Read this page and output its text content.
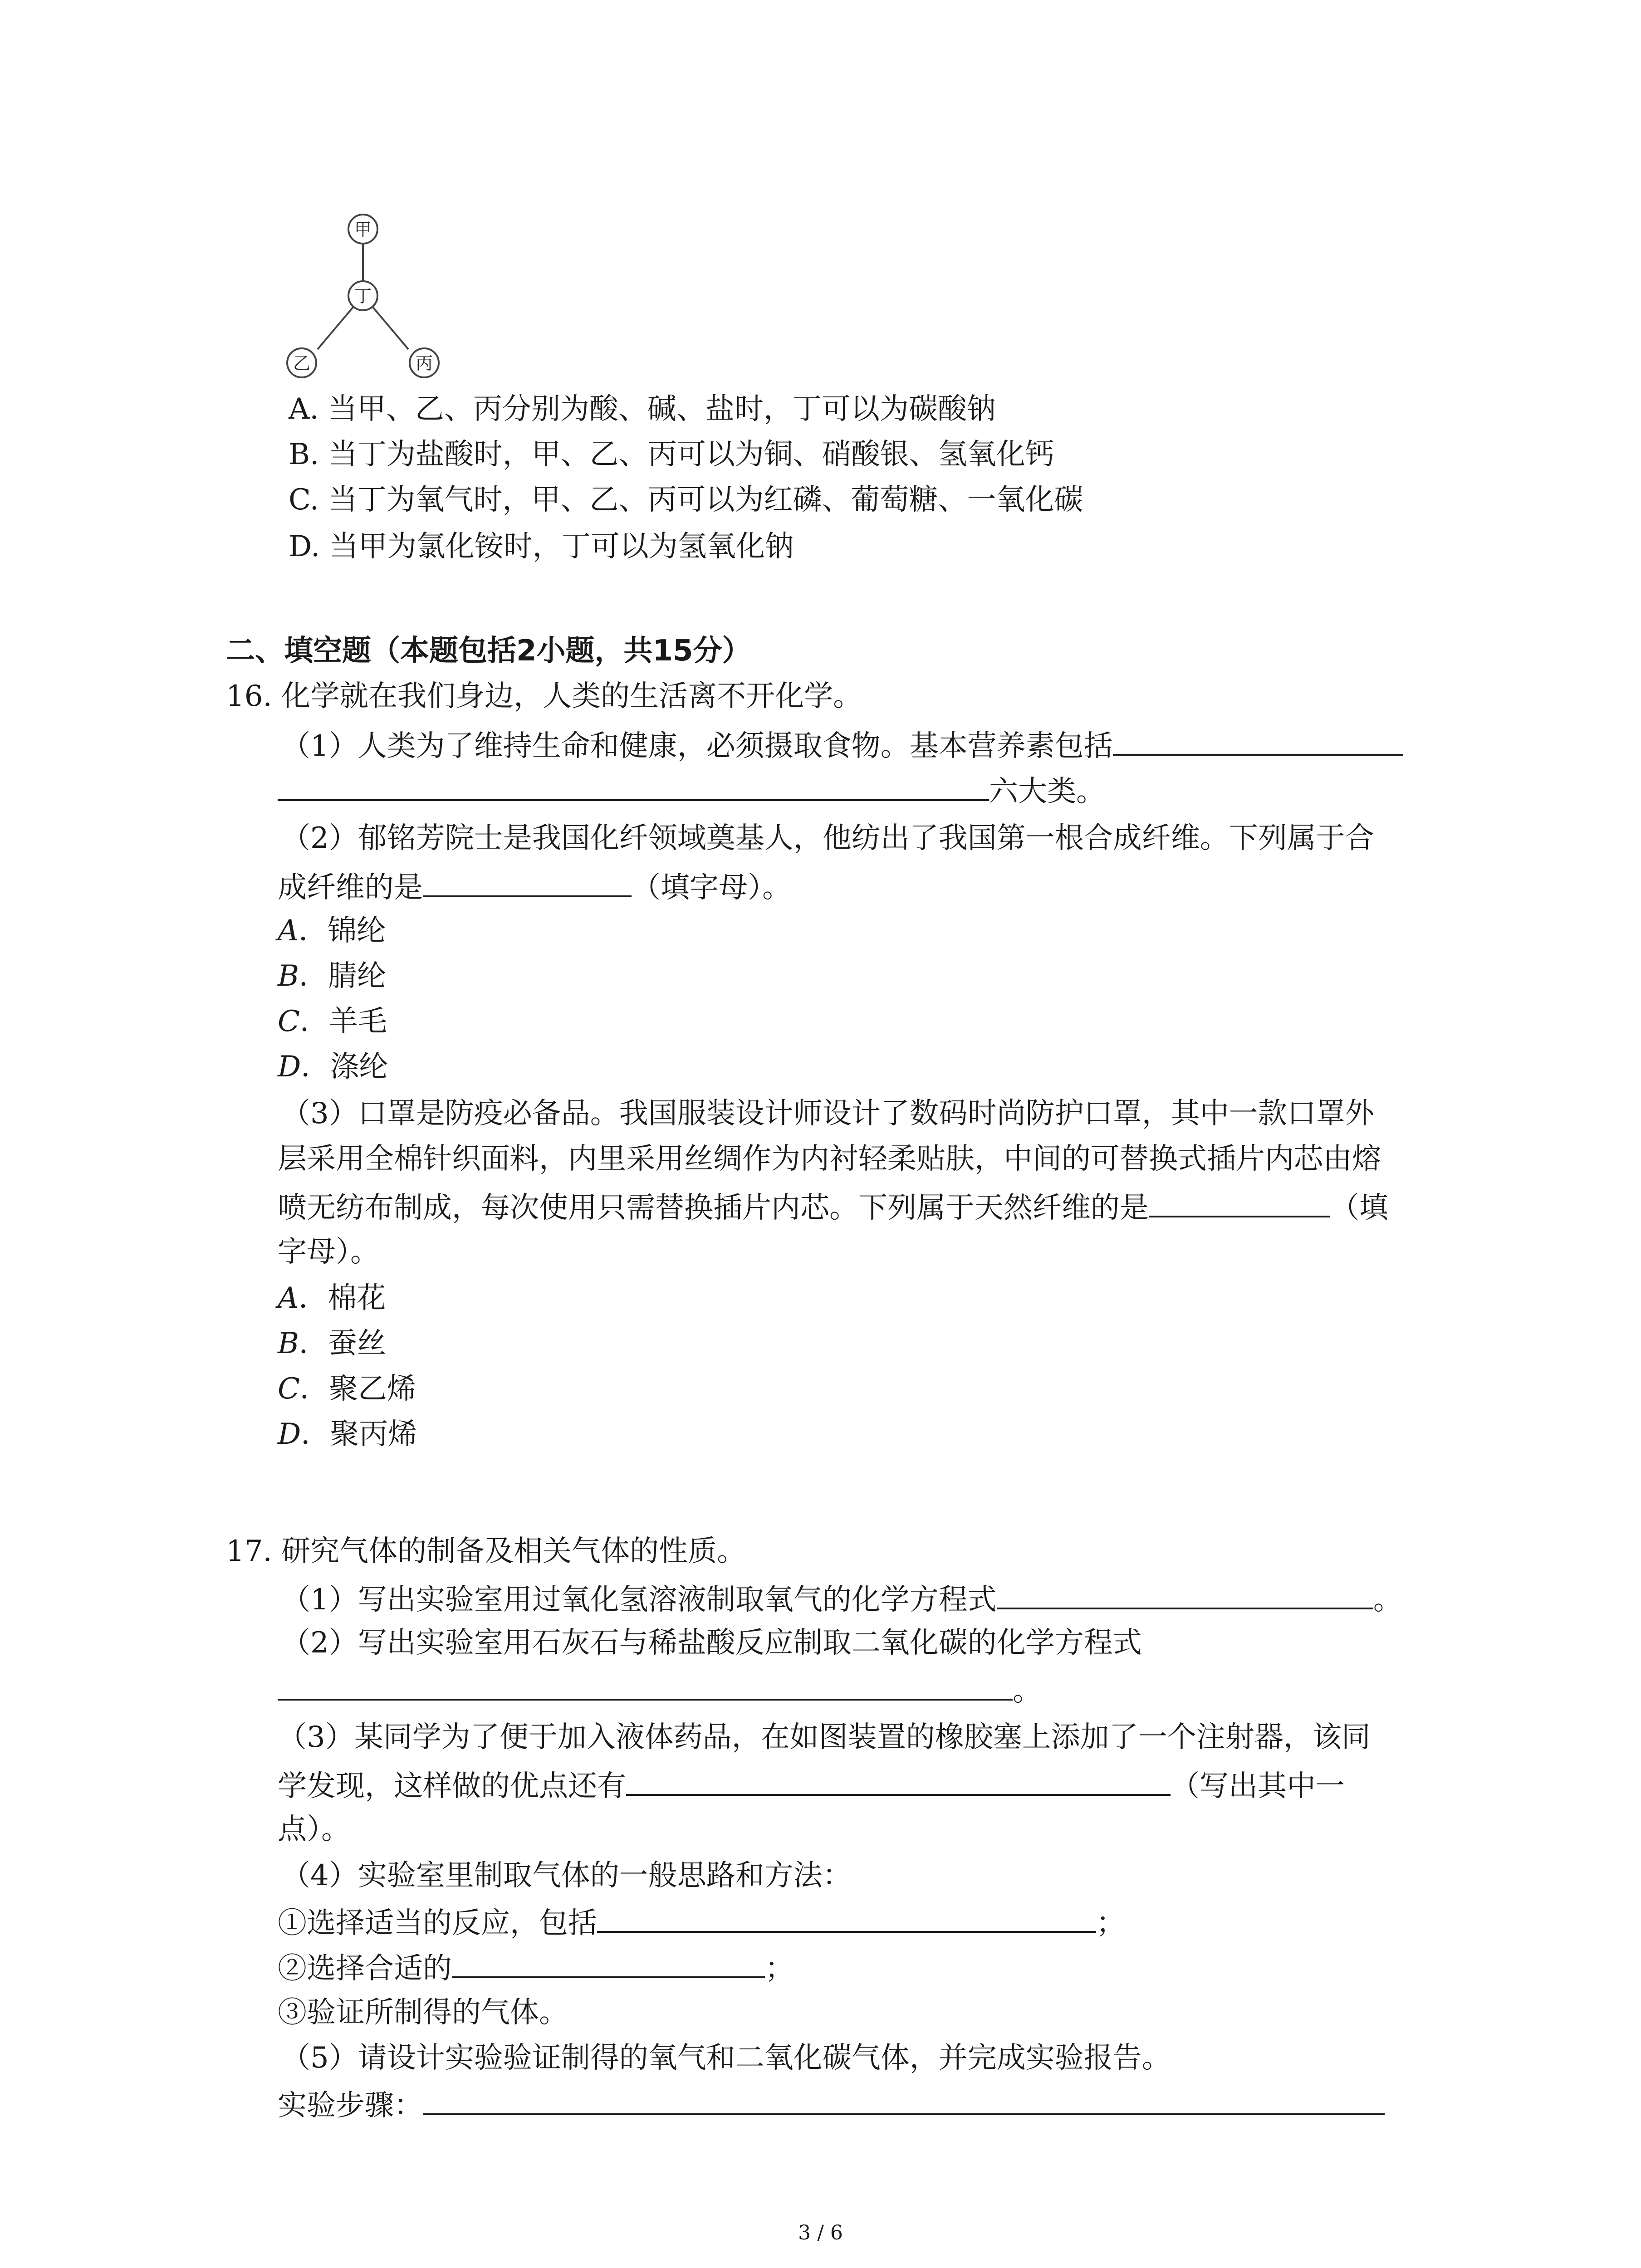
甲
丁
乙	丙
A. 当甲、乙、丙分别为酸、碱、盐时，丁可以为碳酸钠
B. 当丁为盐酸时，甲、乙、丙可以为铜、硝酸银、氢氧化钙
C. 当丁为氧气时，甲、乙、丙可以为红磷、葡萄糖、一氧化碳
D. 当甲为氯化铵时，丁可以为氢氧化钠
二、填空题（本题包括2小题，共15分）
16. 化学就在我们身边，人类的生活离不开化学。
（1）人类为了维持生命和健康，必须摄取食物。基本营养素包括
六大类。
（2）郁铭芳院士是我国化纤领域奠基人，他纺出了我国第一根合成纤维。下列属于合
成纤维的是	（填字母）。
A．锦纶
B．腈纶
C．羊毛
D．涤纶
（3）口罩是防疫必备品。我国服装设计师设计了数码时尚防护口罩，其中一款口罩外
层采用全棉针织面料，内里采用丝绸作为内衬轻柔贴肤，中间的可替换式插片内芯由熔
喷无纺布制成，每次使用只需替换插片内芯。下列属于天然纤维的是	（填
字母）。
A．棉花
B．蚕丝
C．聚乙烯
D．聚丙烯
17. 研究气体的制备及相关气体的性质。
（1）写出实验室用过氧化氢溶液制取氧气的化学方程式	。
（2）写出实验室用石灰石与稀盐酸反应制取二氧化碳的化学方程式
。
（3）某同学为了便于加入液体药品，在如图装置的橡胶塞上添加了一个注射器，该同
学发现，这样做的优点还有	（写出其中一
点）。
（4）实验室里制取气体的一般思路和方法：
①选择适当的反应，包括	；
②选择合适的	；
③验证所制得的气体。
（5）请设计实验验证制得的氧气和二氧化碳气体，并完成实验报告。
实验步骤：
3 / 6
